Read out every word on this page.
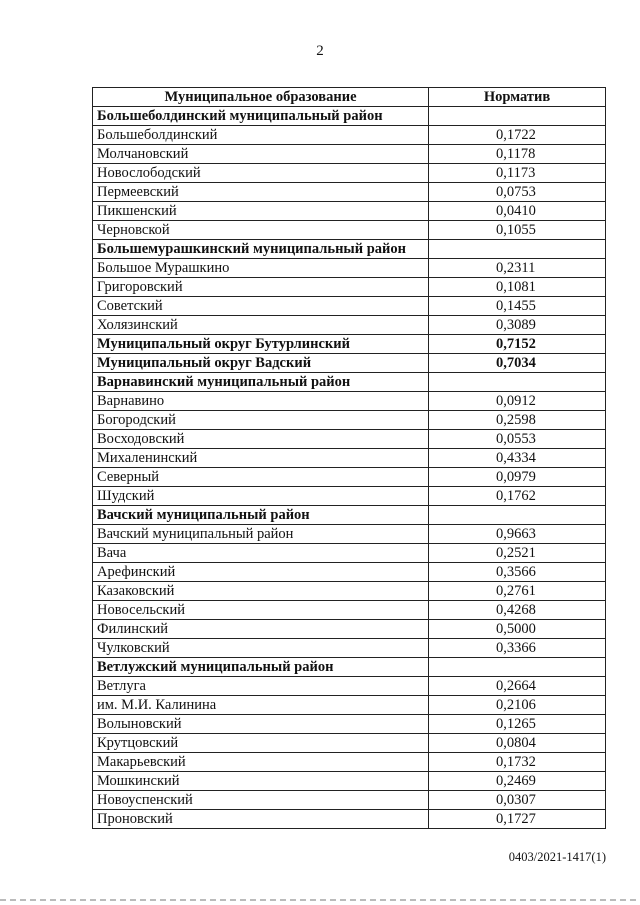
2
Муниципальное образование	Норматив
Большеболдинский муниципальный район	
Большеболдинский	0,1722
Молчановский	0,1178
Новослободский	0,1173
Пермеевский	0,0753
Пикшенский	0,0410
Черновской	0,1055
Большемурашкинский муниципальный район	
Большое Мурашкино	0,2311
Григоровский	0,1081
Советский	0,1455
Холязинский	0,3089
Муниципальный округ Бутурлинский	0,7152
Муниципальный округ Вадский	0,7034
Варнавинский муниципальный район	
Варнавино	0,0912
Богородский	0,2598
Восходовский	0,0553
Михаленинский	0,4334
Северный	0,0979
Шудский	0,1762
Вачский муниципальный район	
Вачский муниципальный район	0,9663
Вача	0,2521
Арефинский	0,3566
Казаковский	0,2761
Новосельский	0,4268
Филинский	0,5000
Чулковский	0,3366
Ветлужский муниципальный район	
Ветлуга	0,2664
им. М.И. Калинина	0,2106
Волыновский	0,1265
Крутцовский	0,0804
Макарьевский	0,1732
Мошкинский	0,2469
Новоуспенский	0,0307
Проновский	0,1727
0403/2021-1417(1)
